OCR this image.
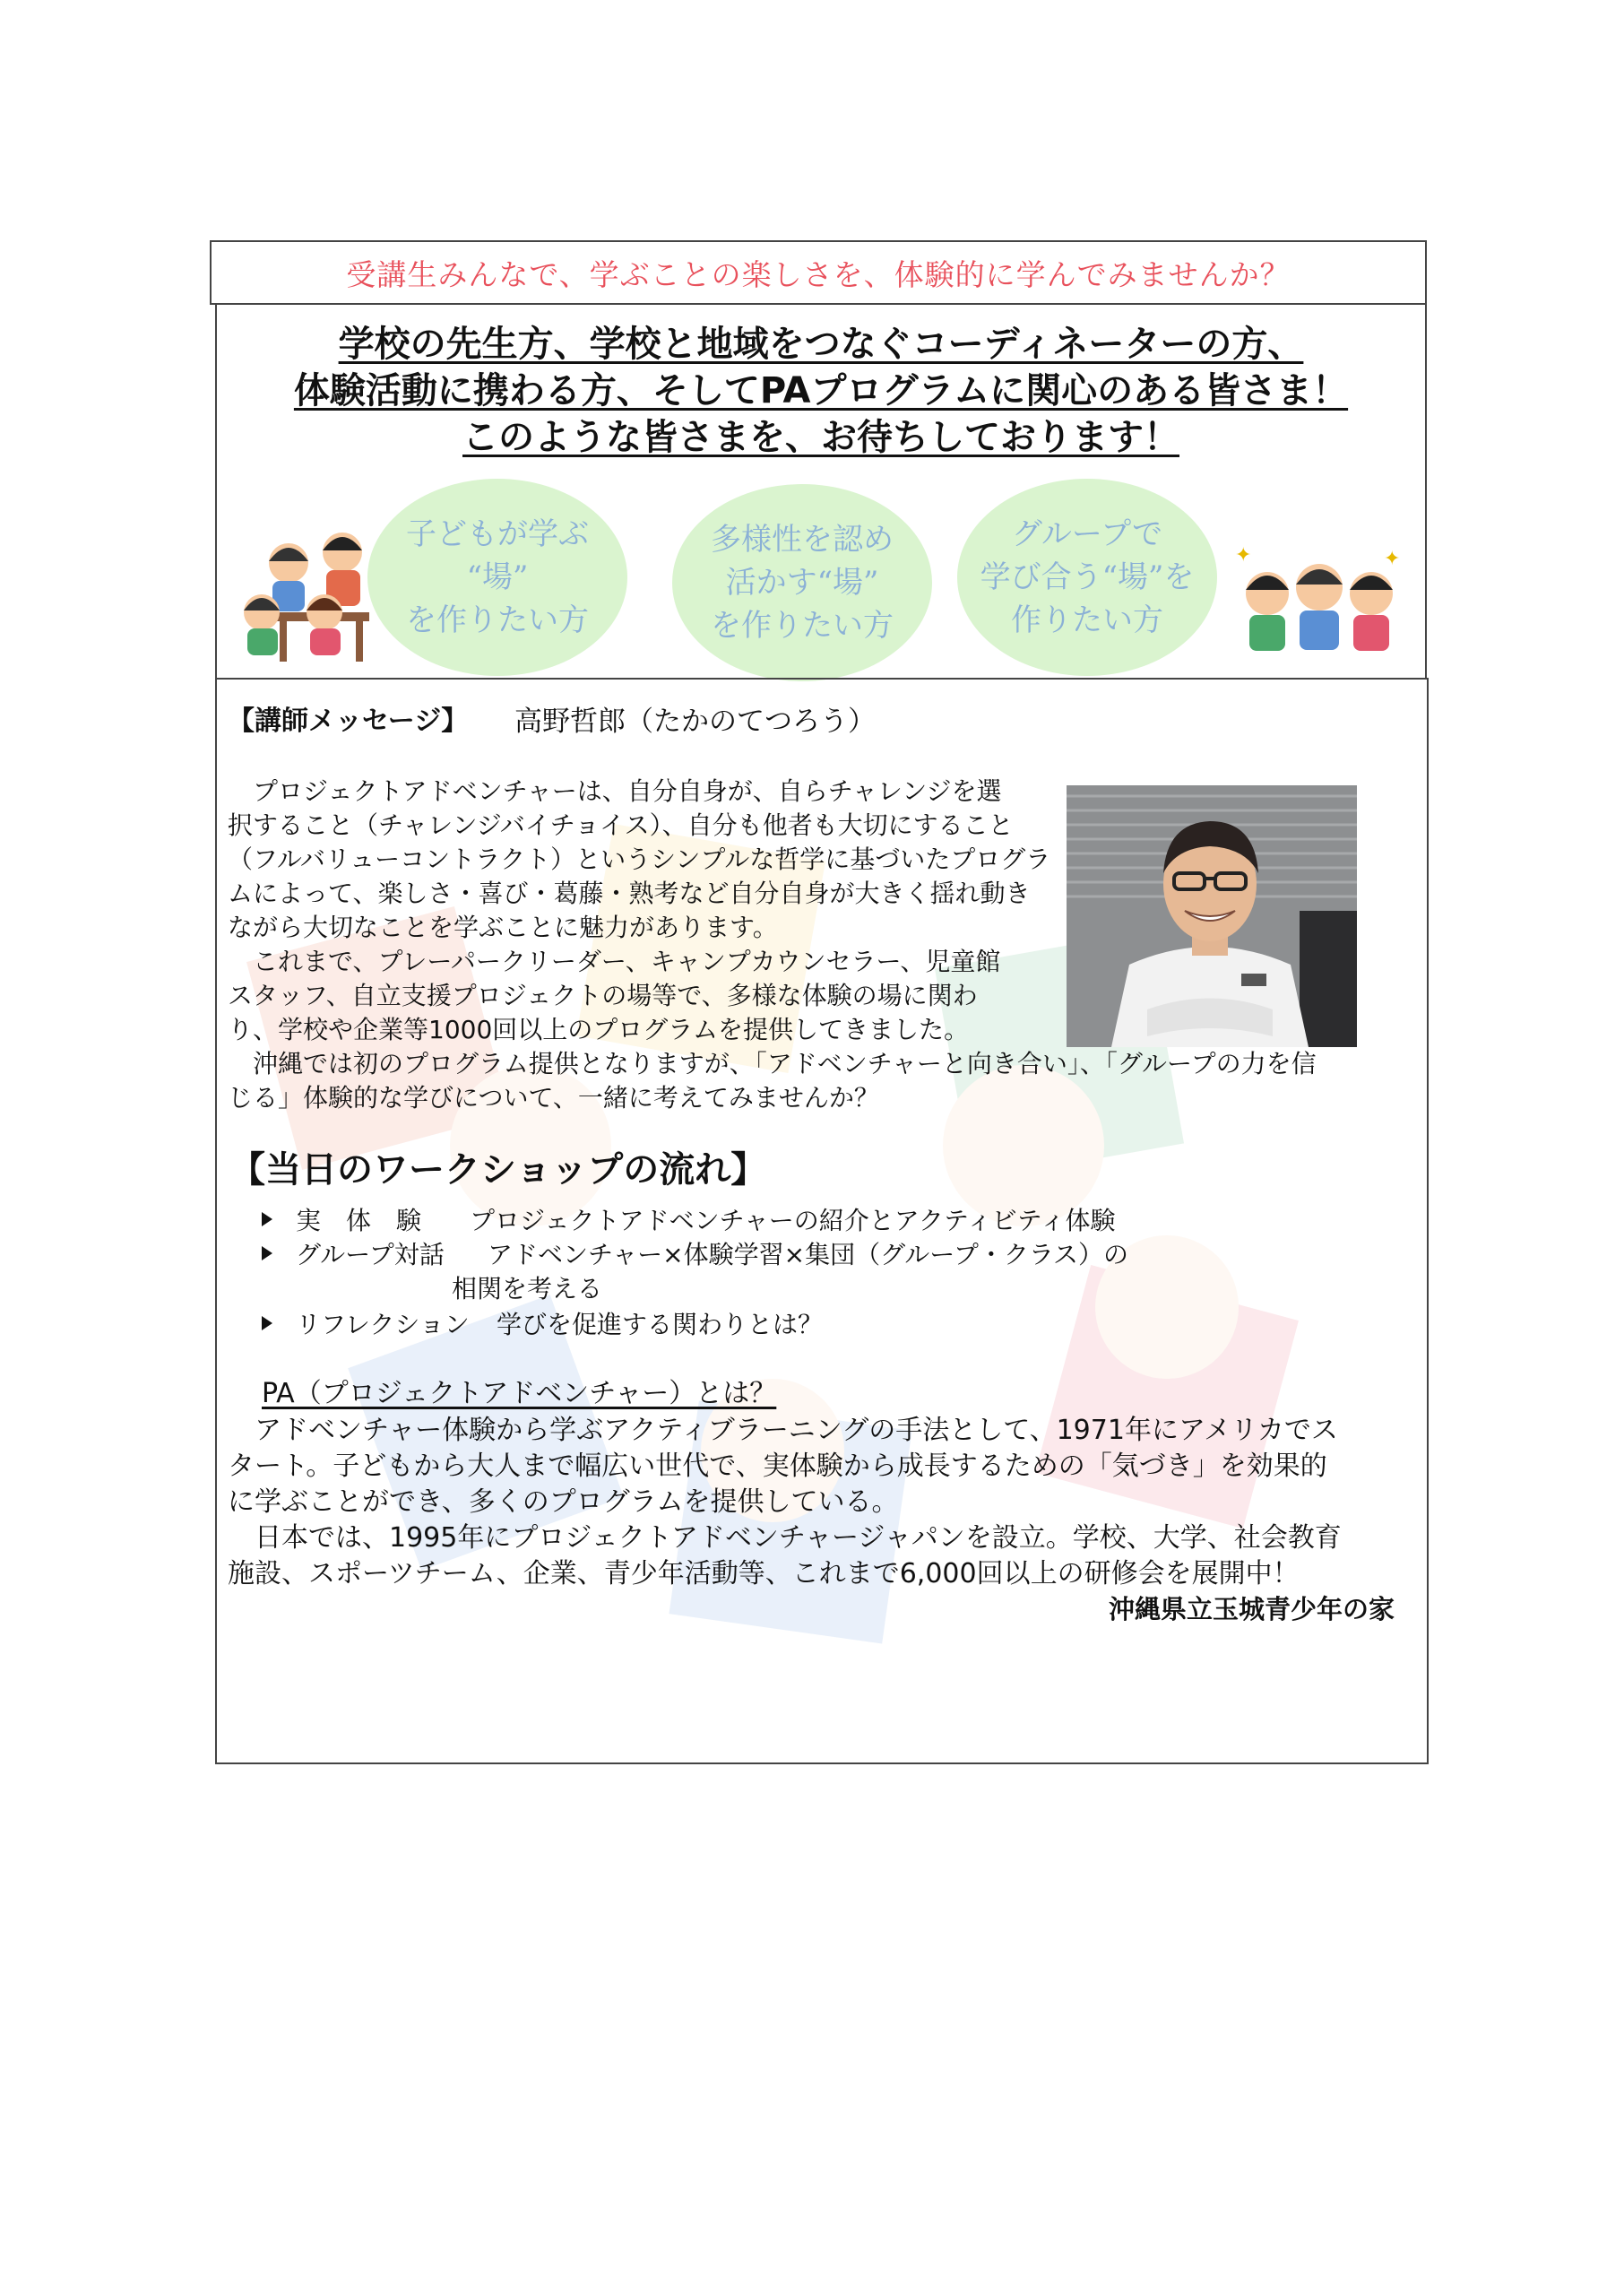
受講生みんなで、学ぶことの楽しさを、体験的に学んでみませんか？
学校の先生方、学校と地域をつなぐコーディネーターの方、
体験活動に携わる方、そしてPAプログラムに関心のある皆さま！
このような皆さまを、お待ちしております！
子どもが学ぶ
“場”
を作りたい方
多様性を認め
活かす“場”
を作りたい方
グループで
学び合う“場”を
作りたい方
✦	✦
【講師メッセージ】 高野哲郎（たかのてつろう）
　プロジェクトアドベンチャーは、自分自身が、自らチャレンジを選
択すること（チャレンジバイチョイス）、自分も他者も大切にすること
（フルバリューコントラクト）というシンプルな哲学に基づいたプログラ
ムによって、楽しさ・喜び・葛藤・熟考など自分自身が大きく揺れ動き
ながら大切なことを学ぶことに魅力があります。
　これまで、プレーパークリーダー、キャンプカウンセラー、児童館
スタッフ、自立支援プロジェクトの場等で、多様な体験の場に関わ
り、学校や企業等1000回以上のプログラムを提供してきました。
　沖縄では初のプログラム提供となりますが、「アドベンチャーと向き合い」、「グループの力を信
じる」体験的な学びについて、一緒に考えてみませんか？
【当日のワークショップの流れ】
実　体　験 プロジェクトアドベンチャーの紹介とアクティビティ体験
グループ対話 アドベンチャー×体験学習×集団（グループ・クラス）の
相関を考える
リフレクション 学びを促進する関わりとは？
PA（プロジェクトアドベンチャー）とは？
　アドベンチャー体験から学ぶアクティブラーニングの手法として、1971年にアメリカでス
タート。子どもから大人まで幅広い世代で、実体験から成長するための「気づき」を効果的
に学ぶことができ、多くのプログラムを提供している。
　日本では、1995年にプロジェクトアドベンチャージャパンを設立。学校、大学、社会教育
施設、スポーツチーム、企業、青少年活動等、これまで6,000回以上の研修会を展開中！
沖縄県立玉城青少年の家
